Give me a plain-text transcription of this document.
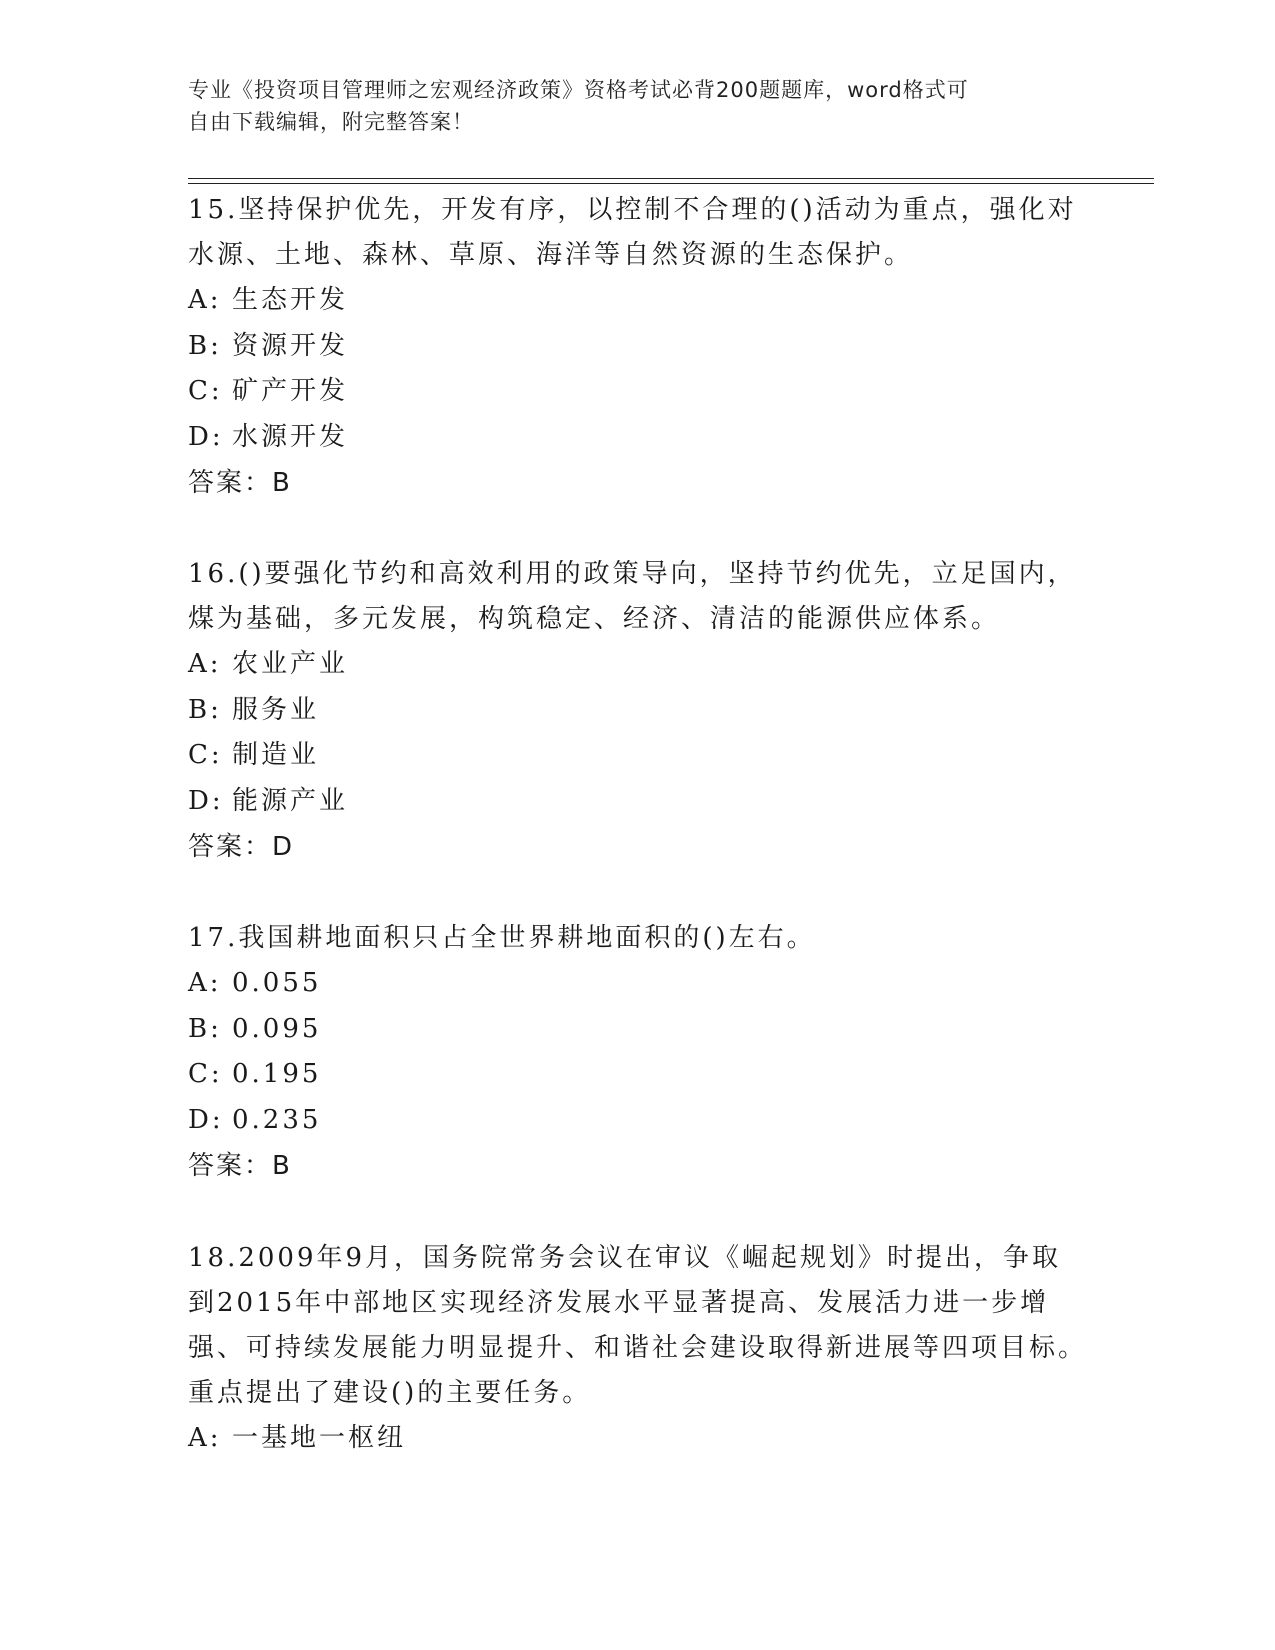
专业《投资项目管理师之宏观经济政策》资格考试必背200题题库，word格式可
自由下载编辑，附完整答案！

15.坚持保护优先，开发有序，以控制不合理的()活动为重点，强化对水源、土地、森林、草原、海洋等自然资源的生态保护。

A: 生态开发
B: 资源开发
C: 矿产开发
D: 水源开发
答案：B

16.()要强化节约和高效利用的政策导向，坚持节约优先，立足国内，煤为基础，多元发展，构筑稳定、经济、清洁的能源供应体系。

A: 农业产业
B: 服务业
C: 制造业
D: 能源产业
答案：D

17.我国耕地面积只占全世界耕地面积的()左右。

A: 0.055
B: 0.095
C: 0.195
D: 0.235
答案：B

18.2009年9月，国务院常务会议在审议《崛起规划》时提出，争取到2015年中部地区实现经济发展水平显著提高、发展活力进一步增强、可持续发展能力明显提升、和谐社会建设取得新进展等四项目标。重点提出了建设()的主要任务。

A: 一基地一枢纽
